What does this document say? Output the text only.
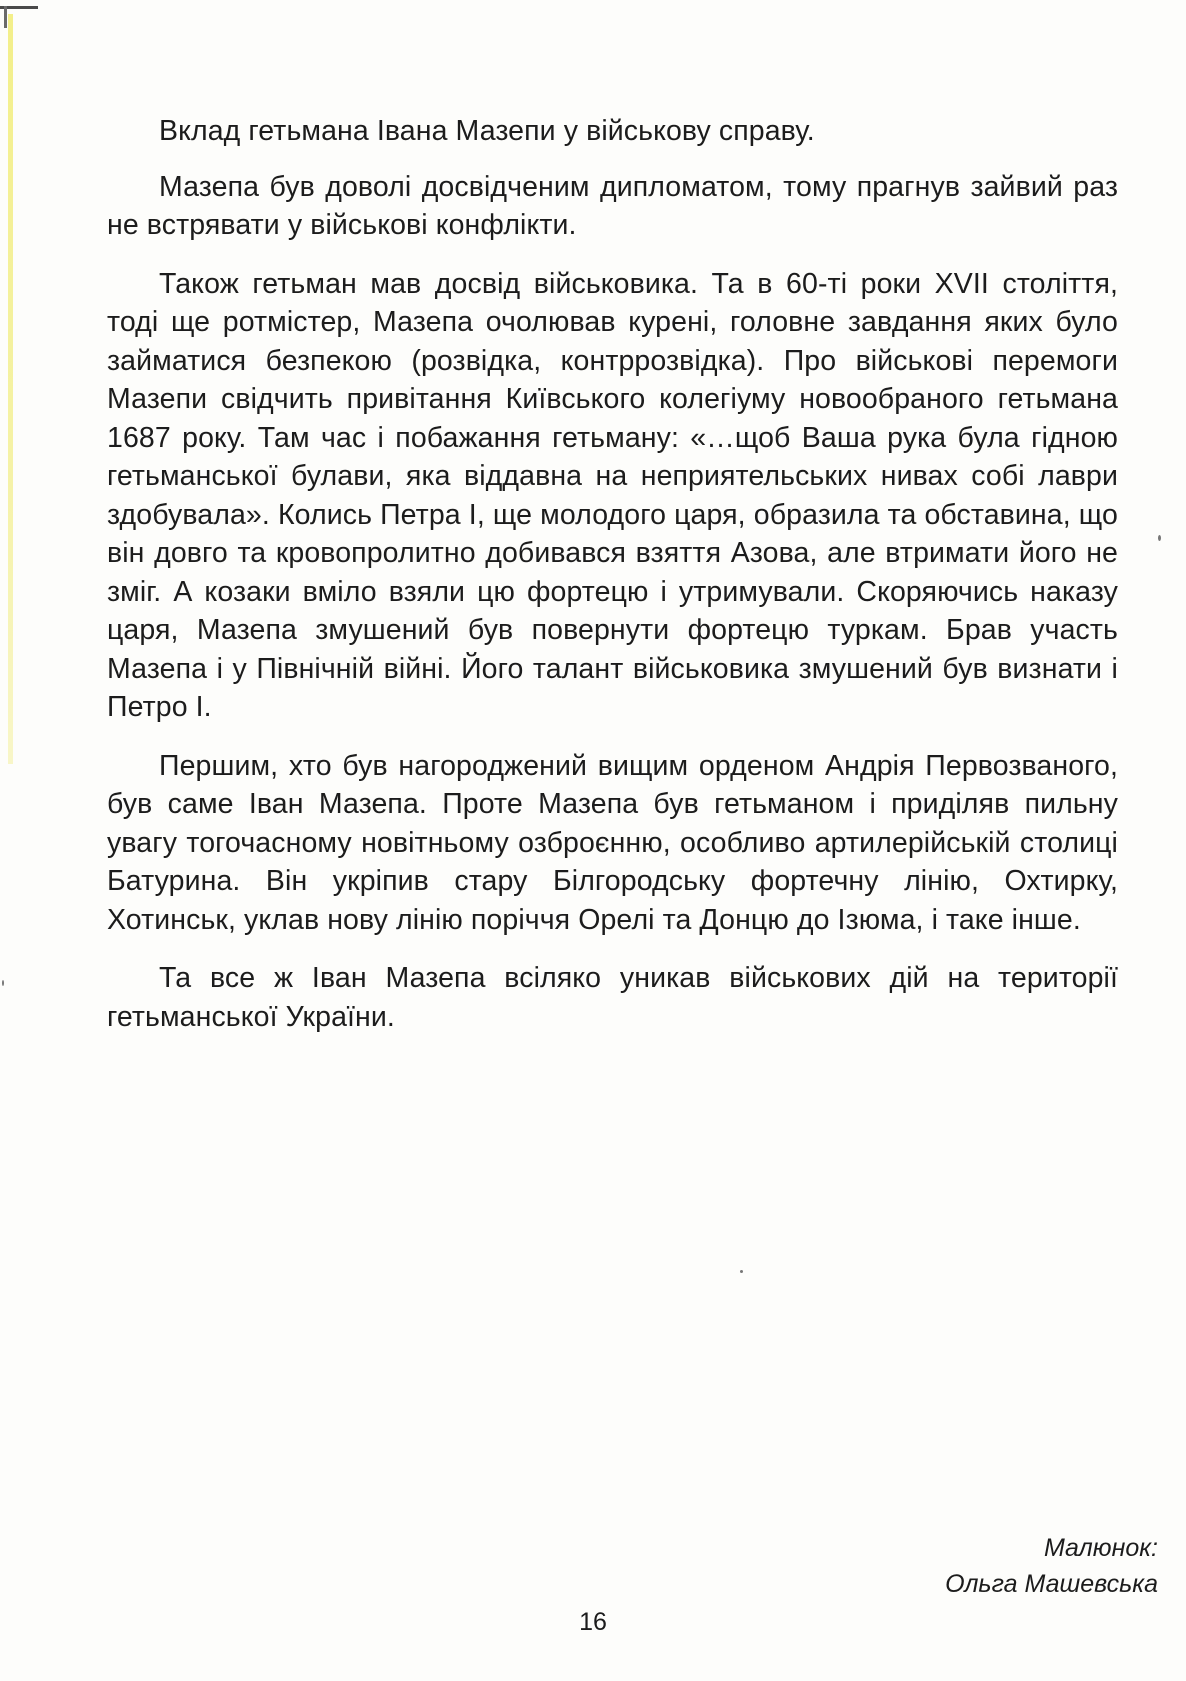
Вклад гетьмана Івана Мазепи у військову справу.

Мазепа був доволі досвідченим дипломатом, тому прагнув зайвий раз не встрявати у військові конфлікти.

Також гетьман мав досвід військовика. Та в 60-ті роки XVII століття, тоді ще ротмістер, Мазепа очолював курені, головне завдання яких було займатися безпекою (розвідка, контррозвідка). Про військові перемоги Мазепи свідчить привітання Київського колегіуму новообраного гетьмана 1687 року. Там час і побажання гетьману: «…щоб Ваша рука була гідною гетьманської булави, яка віддавна на неприятельських нивах собі лаври здобувала». Колись Петра І, ще молодого царя, образила та обставина, що він довго та кровопролитно добивався взяття Азова, але втримати його не зміг. А козаки вміло взяли цю фортецю і утримували. Скоряючись наказу царя, Мазепа змушений був повернути фортецю туркам. Брав участь Мазепа і у Північній війні. Його талант військовика змушений був визнати і Петро І.

Першим, хто був нагороджений вищим орденом Андрія Первозваного, був саме Іван Мазепа. Проте Мазепа був гетьманом і приділяв пильну увагу тогочасному новітньому озброєнню, особливо артилерійській столиці Батурина. Він укріпив стару Білгородську фортечну лінію, Охтирку, Хотинськ, уклав нову лінію поріччя Орелі та Донцю до Ізюма, і таке інше.

Та все ж Іван Мазепа всіляко уникав військових дій на території гетьманської України.

Малюнок:
Ольга Машевська
16
